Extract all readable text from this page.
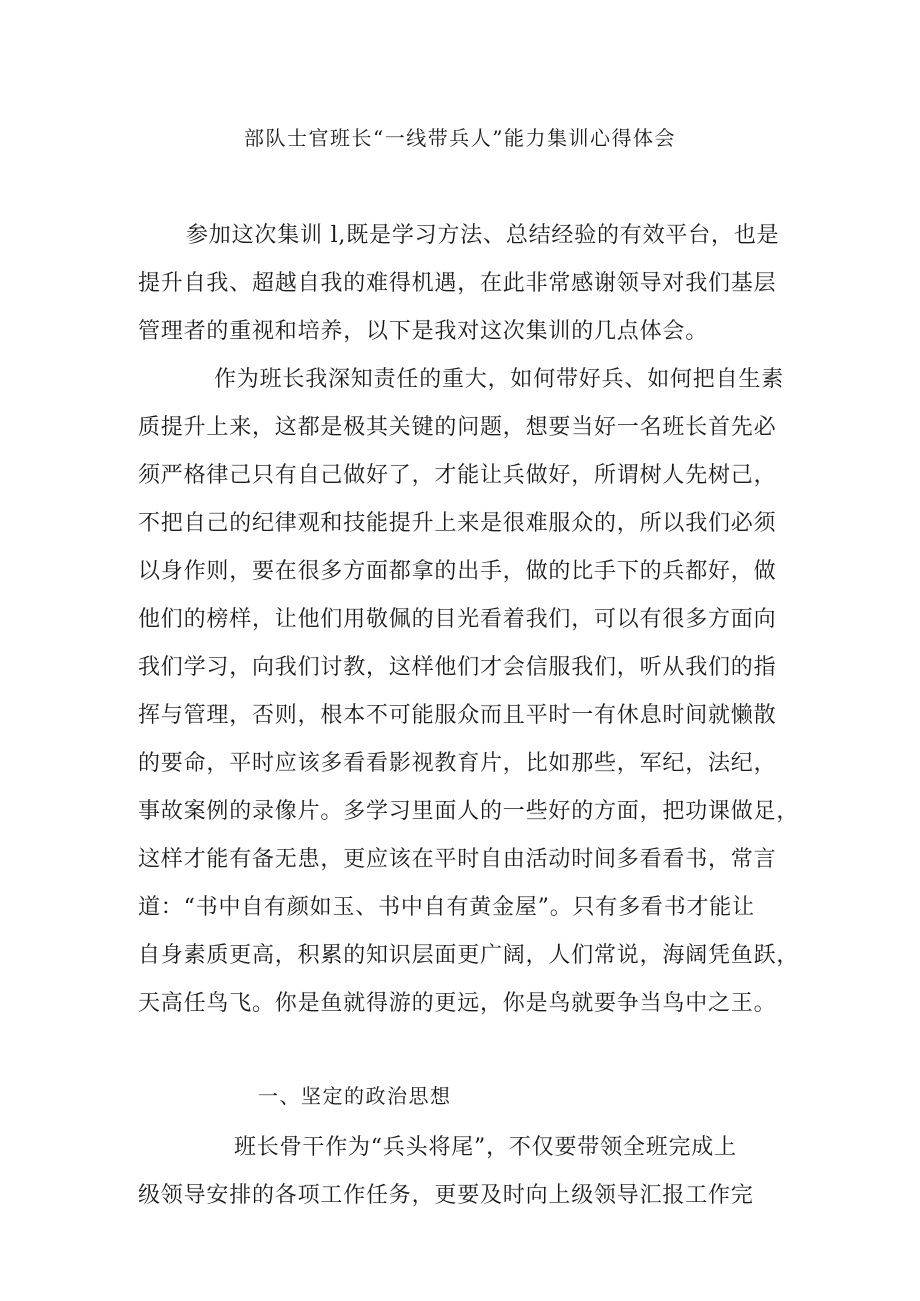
部队士官班长“一线带兵人”能力集训心得体会
参加这次集训 l,既是学习方法、总结经验的有效平台，也是
提升自我、超越自我的难得机遇，在此非常感谢领导对我们基层
管理者的重视和培养，以下是我对这次集训的几点体会。
作为班长我深知责任的重大，如何带好兵、如何把自生素
质提升上来，这都是极其关键的问题，想要当好一名班长首先必
须严格律己只有自己做好了，才能让兵做好，所谓树人先树己，
不把自己的纪律观和技能提升上来是很难服众的，所以我们必须
以身作则，要在很多方面都拿的出手，做的比手下的兵都好，做
他们的榜样，让他们用敬佩的目光看着我们，可以有很多方面向
我们学习，向我们讨教，这样他们才会信服我们，听从我们的指
挥与管理，否则，根本不可能服众而且平时一有休息时间就懒散
的要命，平时应该多看看影视教育片，比如那些，军纪，法纪，
事故案例的录像片。多学习里面人的一些好的方面，把功课做足，
这样才能有备无患，更应该在平时自由活动时间多看看书，常言
道：“书中自有颜如玉、书中自有黄金屋”。只有多看书才能让
自身素质更高，积累的知识层面更广阔，人们常说，海阔凭鱼跃，
天高任鸟飞。你是鱼就得游的更远，你是鸟就要争当鸟中之王。
一、坚定的政治思想
班长骨干作为“兵头将尾”，不仅要带领全班完成上
级领导安排的各项工作任务，更要及时向上级领导汇报工作完
